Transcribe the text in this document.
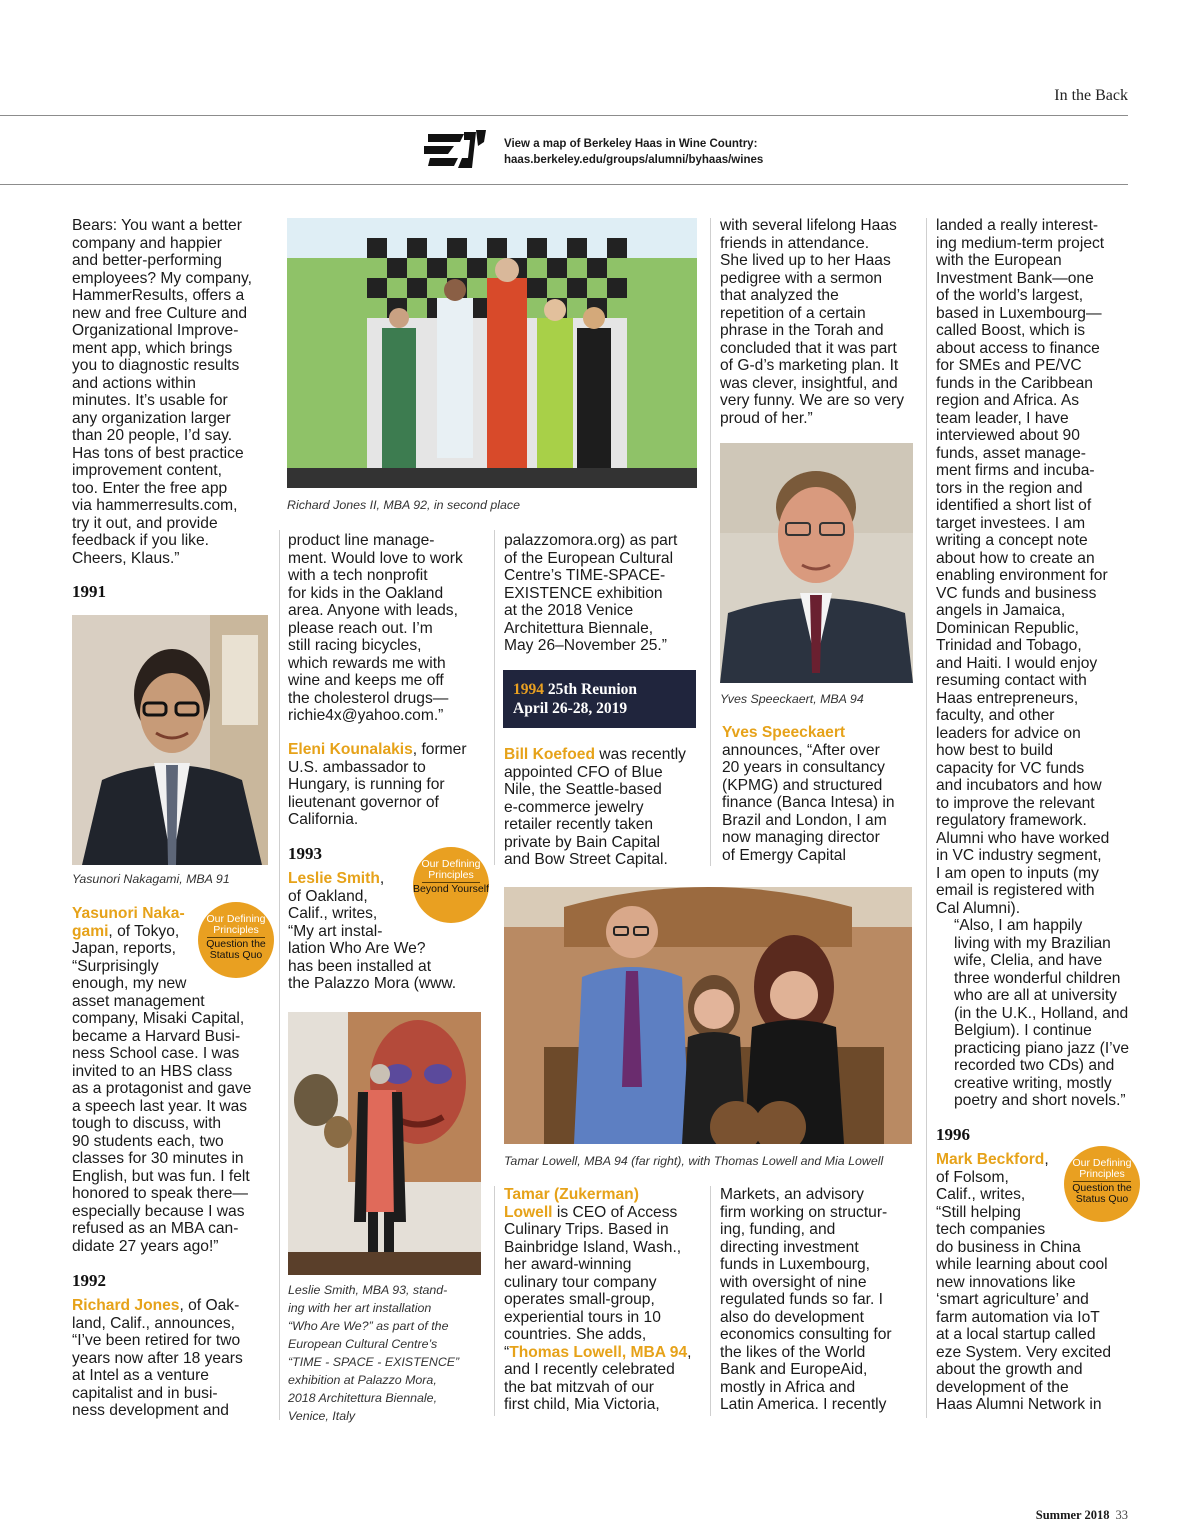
In the Back
View a map of Berkeley Haas in Wine Country:
haas.berkeley.edu/groups/alumni/byhaas/wines

Bears: You want a better

company and happier

and better-performing

employees? My company,

HammerResults, offers a

new and free Culture and

Organizational Improve-

ment app, which brings

you to diagnostic results

and actions within

minutes. It’s usable for

any organization larger

than 20 people, I’d say.

Has tons of best practice

improvement content,

too. Enter the free app

via hammerresults.com,

try it out, and provide

feedback if you like.

Cheers, Klaus.”

1991
Yasunori Nakagami, MBA 91

Yasunori Naka-

gami, of Tokyo,

Japan, reports,

“Surprisingly

enough, my new

asset management

company, Misaki Capital,

became a Harvard Busi-

ness School case. I was

invited to an HBS class

as a protagonist and gave

a speech last year. It was

tough to discuss, with

90 students each, two

classes for 30 minutes in

English, but was fun. I felt

honored to speak there—

especially because I was

refused as an MBA can-

didate 27 years ago!”

Our Defining Principles
Question the Status Quo
1992

Richard Jones, of Oak-

land, Calif., announces,

“I’ve been retired for two

years now after 18 years

at Intel as a venture

capitalist and in busi-

ness development and

Richard Jones II, MBA 92, in second place

product line manage-

ment. Would love to work

with a tech nonprofit

for kids in the Oakland

area. Anyone with leads,

please reach out. I’m

still racing bicycles,

which rewards me with

wine and keeps me off

the cholesterol drugs—

richie4x@yahoo.com.”

Eleni Kounalakis, former

U.S. ambassador to

Hungary, is running for

lieutenant governor of

California.

1993

Leslie Smith,

of Oakland,

Calif., writes,

“My art instal-

lation Who Are We?

has been installed at

the Palazzo Mora (www.

Our Defining Principles
Beyond Yourself

Leslie Smith, MBA 93, stand-

ing with her art installation

“Who Are We?” as part of the

European Cultural Centre’s

“TIME - SPACE - EXISTENCE”

exhibition at Palazzo Mora,

2018 Architettura Biennale,

Venice, Italy

palazzomora.org) as part

of the European Cultural

Centre’s TIME-SPACE-

EXISTENCE exhibition

at the 2018 Venice

Architettura Biennale,

May 26–November 25.”

1994 25th Reunion
April 26-28, 2019

Bill Koefoed was recently

appointed CFO of Blue

Nile, the Seattle-based

e-commerce jewelry

retailer recently taken

private by Bain Capital

and Bow Street Capital.

Tamar Lowell, MBA 94 (far right), with Thomas Lowell and Mia Lowell

Tamar (Zukerman)

Lowell is CEO of Access

Culinary Trips. Based in

Bainbridge Island, Wash.,

her award-winning

culinary tour company

operates small-group,

experiential tours in 10

countries. She adds,

“Thomas Lowell, MBA 94,

and I recently celebrated

the bat mitzvah of our

first child, Mia Victoria,

with several lifelong Haas

friends in attendance.

She lived up to her Haas

pedigree with a sermon

that analyzed the

repetition of a certain

phrase in the Torah and

concluded that it was part

of G-d’s marketing plan. It

was clever, insightful, and

very funny. We are so very

proud of her.”

Yves Speeckaert, MBA 94

Yves Speeckaert

announces, “After over

20 years in consultancy

(KPMG) and structured

finance (Banca Intesa) in

Brazil and London, I am

now managing director

of Emergy Capital

Markets, an advisory

firm working on structur-

ing, funding, and

directing investment

funds in Luxembourg,

with oversight of nine

regulated funds so far. I

also do development

economics consulting for

the likes of the World

Bank and EuropeAid,

mostly in Africa and

Latin America. I recently

landed a really interest-

ing medium-term project

with the European

Investment Bank—one

of the world’s largest,

based in Luxembourg—

called Boost, which is

about access to finance

for SMEs and PE/VC

funds in the Caribbean

region and Africa. As

team leader, I have

interviewed about 90

funds, asset manage-

ment firms and incuba-

tors in the region and

identified a short list of

target investees. I am

writing a concept note

about how to create an

enabling environment for

VC funds and business

angels in Jamaica,

Dominican Republic,

Trinidad and Tobago,

and Haiti. I would enjoy

resuming contact with

Haas entrepreneurs,

faculty, and other

leaders for advice on

how best to build

capacity for VC funds

and incubators and how

to improve the relevant

regulatory framework.

Alumni who have worked

in VC industry segment,

I am open to inputs (my

email is registered with

Cal Alumni).

“Also, I am happily

living with my Brazilian

wife, Clelia, and have

three wonderful children

who are all at university

(in the U.K., Holland, and

Belgium). I continue

practicing piano jazz (I’ve

recorded two CDs) and

creative writing, mostly

poetry and short novels.”

1996

Mark Beckford,

of Folsom,

Calif., writes,

“Still helping

tech companies

do business in China

while learning about cool

new innovations like

‘smart agriculture’ and

farm automation via IoT

at a local startup called

eze System. Very excited

about the growth and

development of the

Haas Alumni Network in

Our Defining Principles
Question the Status Quo
Summer 2018 33
